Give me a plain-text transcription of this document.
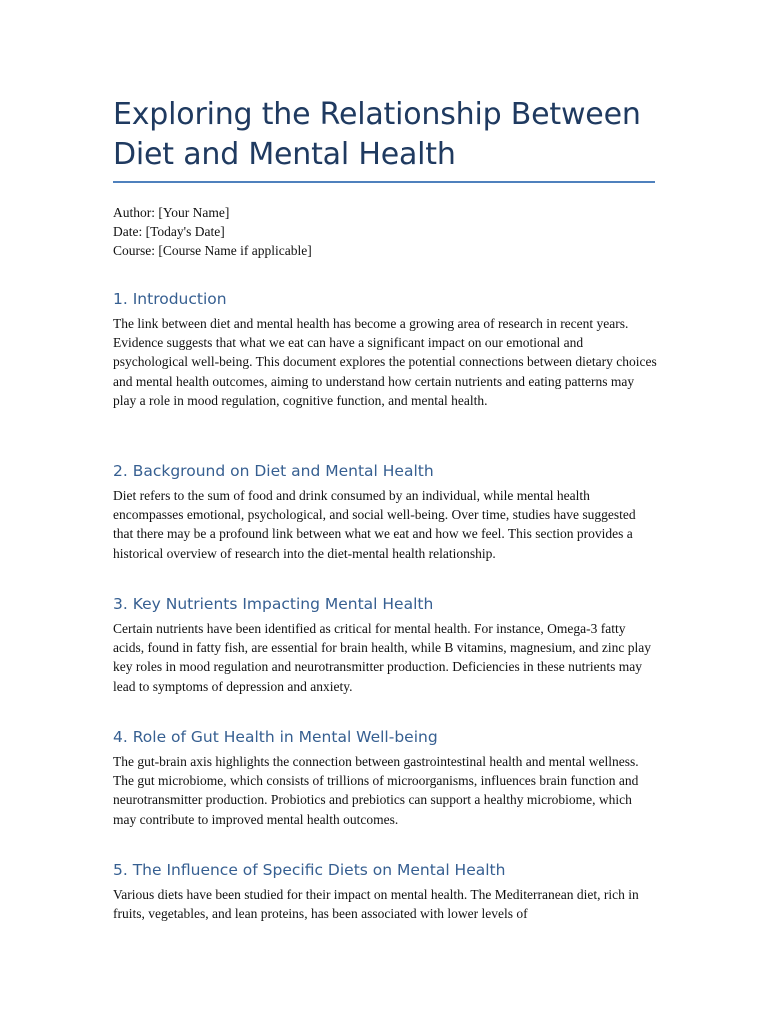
Exploring the Relationship Between
Diet and Mental Health
Author: [Your Name]
Date: [Today's Date]
Course: [Course Name if applicable]
1. Introduction

The link between diet and mental health has become a growing area of research in recent years. Evidence suggests that what we eat can have a significant impact on our emotional and psychological well-being. This document explores the potential connections between dietary choices and mental health outcomes, aiming to understand how certain nutrients and eating patterns may play a role in mood regulation, cognitive function, and mental health.

2. Background on Diet and Mental Health

Diet refers to the sum of food and drink consumed by an individual, while mental health encompasses emotional, psychological, and social well-being. Over time, studies have suggested that there may be a profound link between what we eat and how we feel. This section provides a historical overview of research into the diet-mental health relationship.

3. Key Nutrients Impacting Mental Health

Certain nutrients have been identified as critical for mental health. For instance, Omega-3 fatty acids, found in fatty fish, are essential for brain health, while B vitamins, magnesium, and zinc play key roles in mood regulation and neurotransmitter production. Deficiencies in these nutrients may lead to symptoms of depression and anxiety.

4. Role of Gut Health in Mental Well-being

The gut-brain axis highlights the connection between gastrointestinal health and mental wellness. The gut microbiome, which consists of trillions of microorganisms, influences brain function and neurotransmitter production. Probiotics and prebiotics can support a healthy microbiome, which may contribute to improved mental health outcomes.

5. The Influence of Specific Diets on Mental Health

Various diets have been studied for their impact on mental health. The Mediterranean diet, rich in fruits, vegetables, and lean proteins, has been associated with lower levels of
